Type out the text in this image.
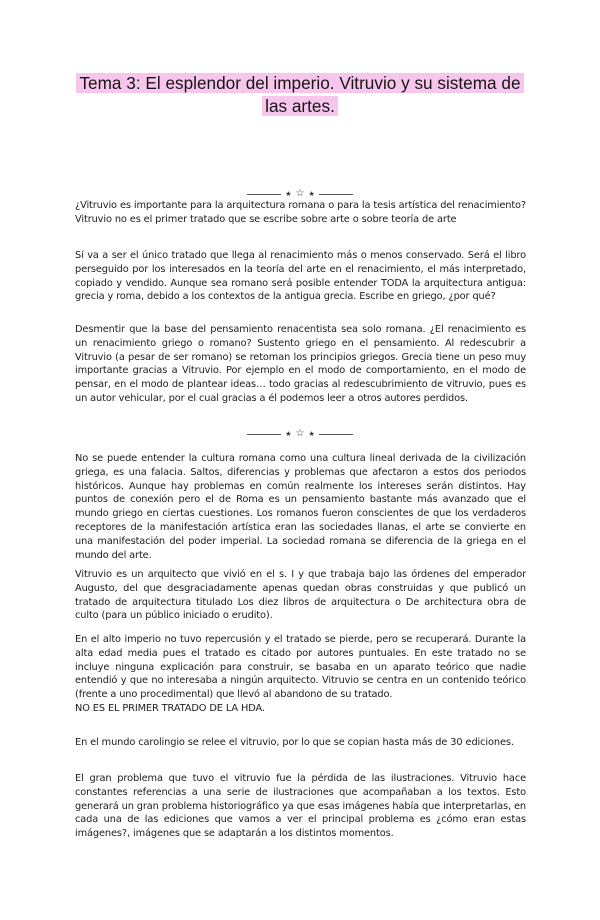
Tema 3: El esplendor del imperio. Vitruvio y su sistema de las artes.
★ ☆ ★

¿Vitruvio es importante para la arquitectura romana o para la tesis artística del renacimiento? Vitruvio no es el primer tratado que se escribe sobre arte o sobre teoría de arte

Sí va a ser el único tratado que llega al renacimiento más o menos conservado. Será el libro perseguido por los interesados en la teoría del arte en el renacimiento, el más interpretado, copiado y vendido. Aunque sea romano será posible entender TODA la arquitectura antigua: grecia y roma, debido a los contextos de la antigua grecia. Escribe en griego, ¿por qué?

Desmentir que la base del pensamiento renacentista sea solo romana. ¿El renacimiento es un renacimiento griego o romano? Sustento griego en el pensamiento. Al redescubrir a Vitruvio (a pesar de ser romano) se retoman los principios griegos. Grecia tiene un peso muy importante gracias a Vitruvio. Por ejemplo en el modo de comportamiento, en el modo de pensar, en el modo de plantear ideas… todo gracias al redescubrimiento de vitruvio, pues es un autor vehicular, por el cual gracias a él podemos leer a otros autores perdidos.

★ ☆ ★

No se puede entender la cultura romana como una cultura lineal derivada de la civilización griega, es una falacia. Saltos, diferencias y problemas que afectaron a estos dos periodos históricos. Aunque hay problemas en común realmente los intereses serán distintos. Hay puntos de conexión pero el de Roma es un pensamiento bastante más avanzado que el mundo griego en ciertas cuestiones. Los romanos fueron conscientes de que los verdaderos receptores de la manifestación artística eran las sociedades llanas, el arte se convierte en una manifestación del poder imperial. La sociedad romana se diferencia de la griega en el mundo del arte.

Vitruvio es un arquitecto que vivió en el s. I y que trabaja bajo las órdenes del emperador Augusto, del que desgraciadamente apenas quedan obras construidas y que publicó un tratado de arquitectura titulado Los diez libros de arquitectura o De architectura obra de culto (para un público iniciado o erudito).

En el alto imperio no tuvo repercusión y el tratado se pierde, pero se recuperará. Durante la alta edad media pues el tratado es citado por autores puntuales. En este tratado no se incluye ninguna explicación para construir, se basaba en un aparato teórico que nadie entendió y que no interesaba a ningún arquitecto. Vitruvio se centra en un contenido teórico (frente a uno procedimental) que llevó al abandono de su tratado.

NO ES EL PRIMER TRATADO DE LA HDA.

En el mundo carolingio se relee el vitruvio, por lo que se copian hasta más de 30 ediciones.

El gran problema que tuvo el vitruvio fue la pérdida de las ilustraciones. Vitruvio hace constantes referencias a una serie de ilustraciones que acompañaban a los textos. Esto generará un gran problema historiográfico ya que esas imágenes había que interpretarlas, en cada una de las ediciones que vamos a ver el principal problema es ¿cómo eran estas imágenes?, imágenes que se adaptarán a los distintos momentos.
